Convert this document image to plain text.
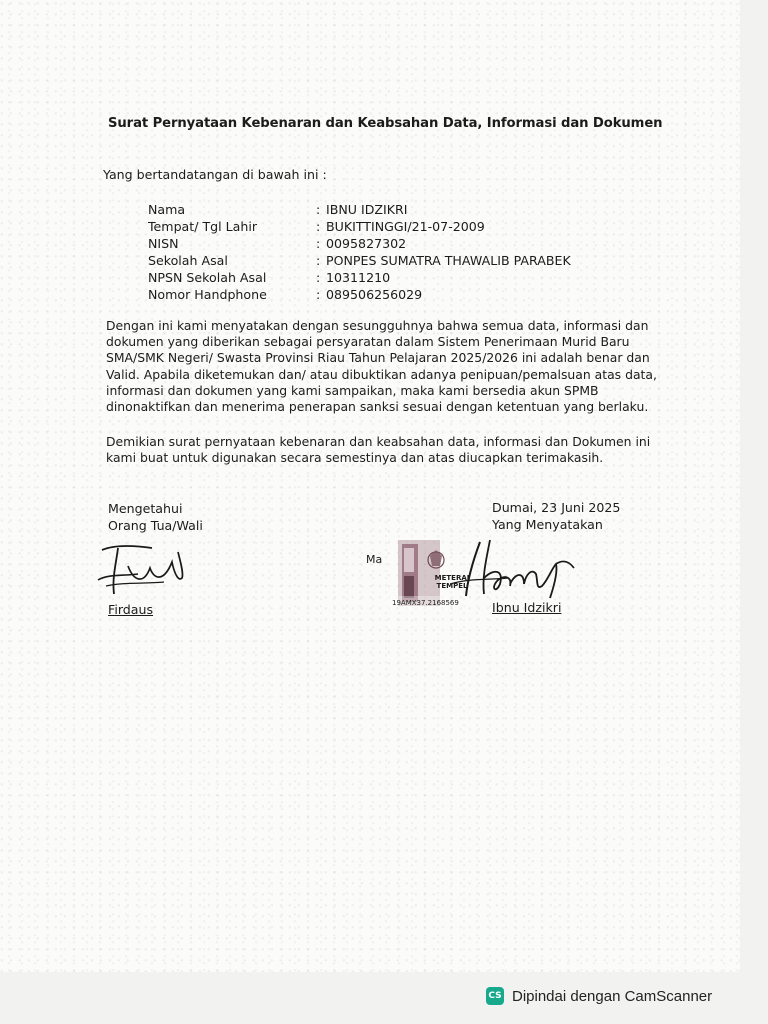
Surat Pernyataan Kebenaran dan Keabsahan Data, Informasi dan Dokumen
Yang bertandatangan di bawah ini :
Nama	: IBNU IDZIKRI
Tempat/ Tgl Lahir	: BUKITTINGGI/21-07-2009
NISN	: 0095827302
Sekolah Asal	: PONPES SUMATRA THAWALIB PARABEK
NPSN Sekolah Asal	: 10311210
Nomor Handphone	: 089506256029

Dengan ini kami menyatakan dengan sesungguhnya bahwa semua data, informasi dan

dokumen yang diberikan sebagai persyaratan dalam Sistem Penerimaan Murid Baru

SMA/SMK Negeri/ Swasta Provinsi Riau Tahun Pelajaran 2025/2026 ini adalah benar dan

Valid. Apabila diketemukan dan/ atau dibuktikan adanya penipuan/pemalsuan atas data,

informasi dan dokumen yang kami sampaikan, maka kami bersedia akun SPMB

dinonaktifkan dan menerima penerapan sanksi sesuai dengan ketentuan yang berlaku.

Demikian surat pernyataan kebenaran dan keabsahan data, informasi dan Dokumen ini

kami buat untuk digunakan secara semestinya dan atas diucapkan terimakasih.

Mengetahui
Orang Tua/Wali
Firdaus
Dumai, 23 Juni 2025
Yang Menyatakan
Ma
METERAI TEMPEL
19AMX37.2168569	Ibnu Idzikri
CS Dipindai dengan CamScanner
